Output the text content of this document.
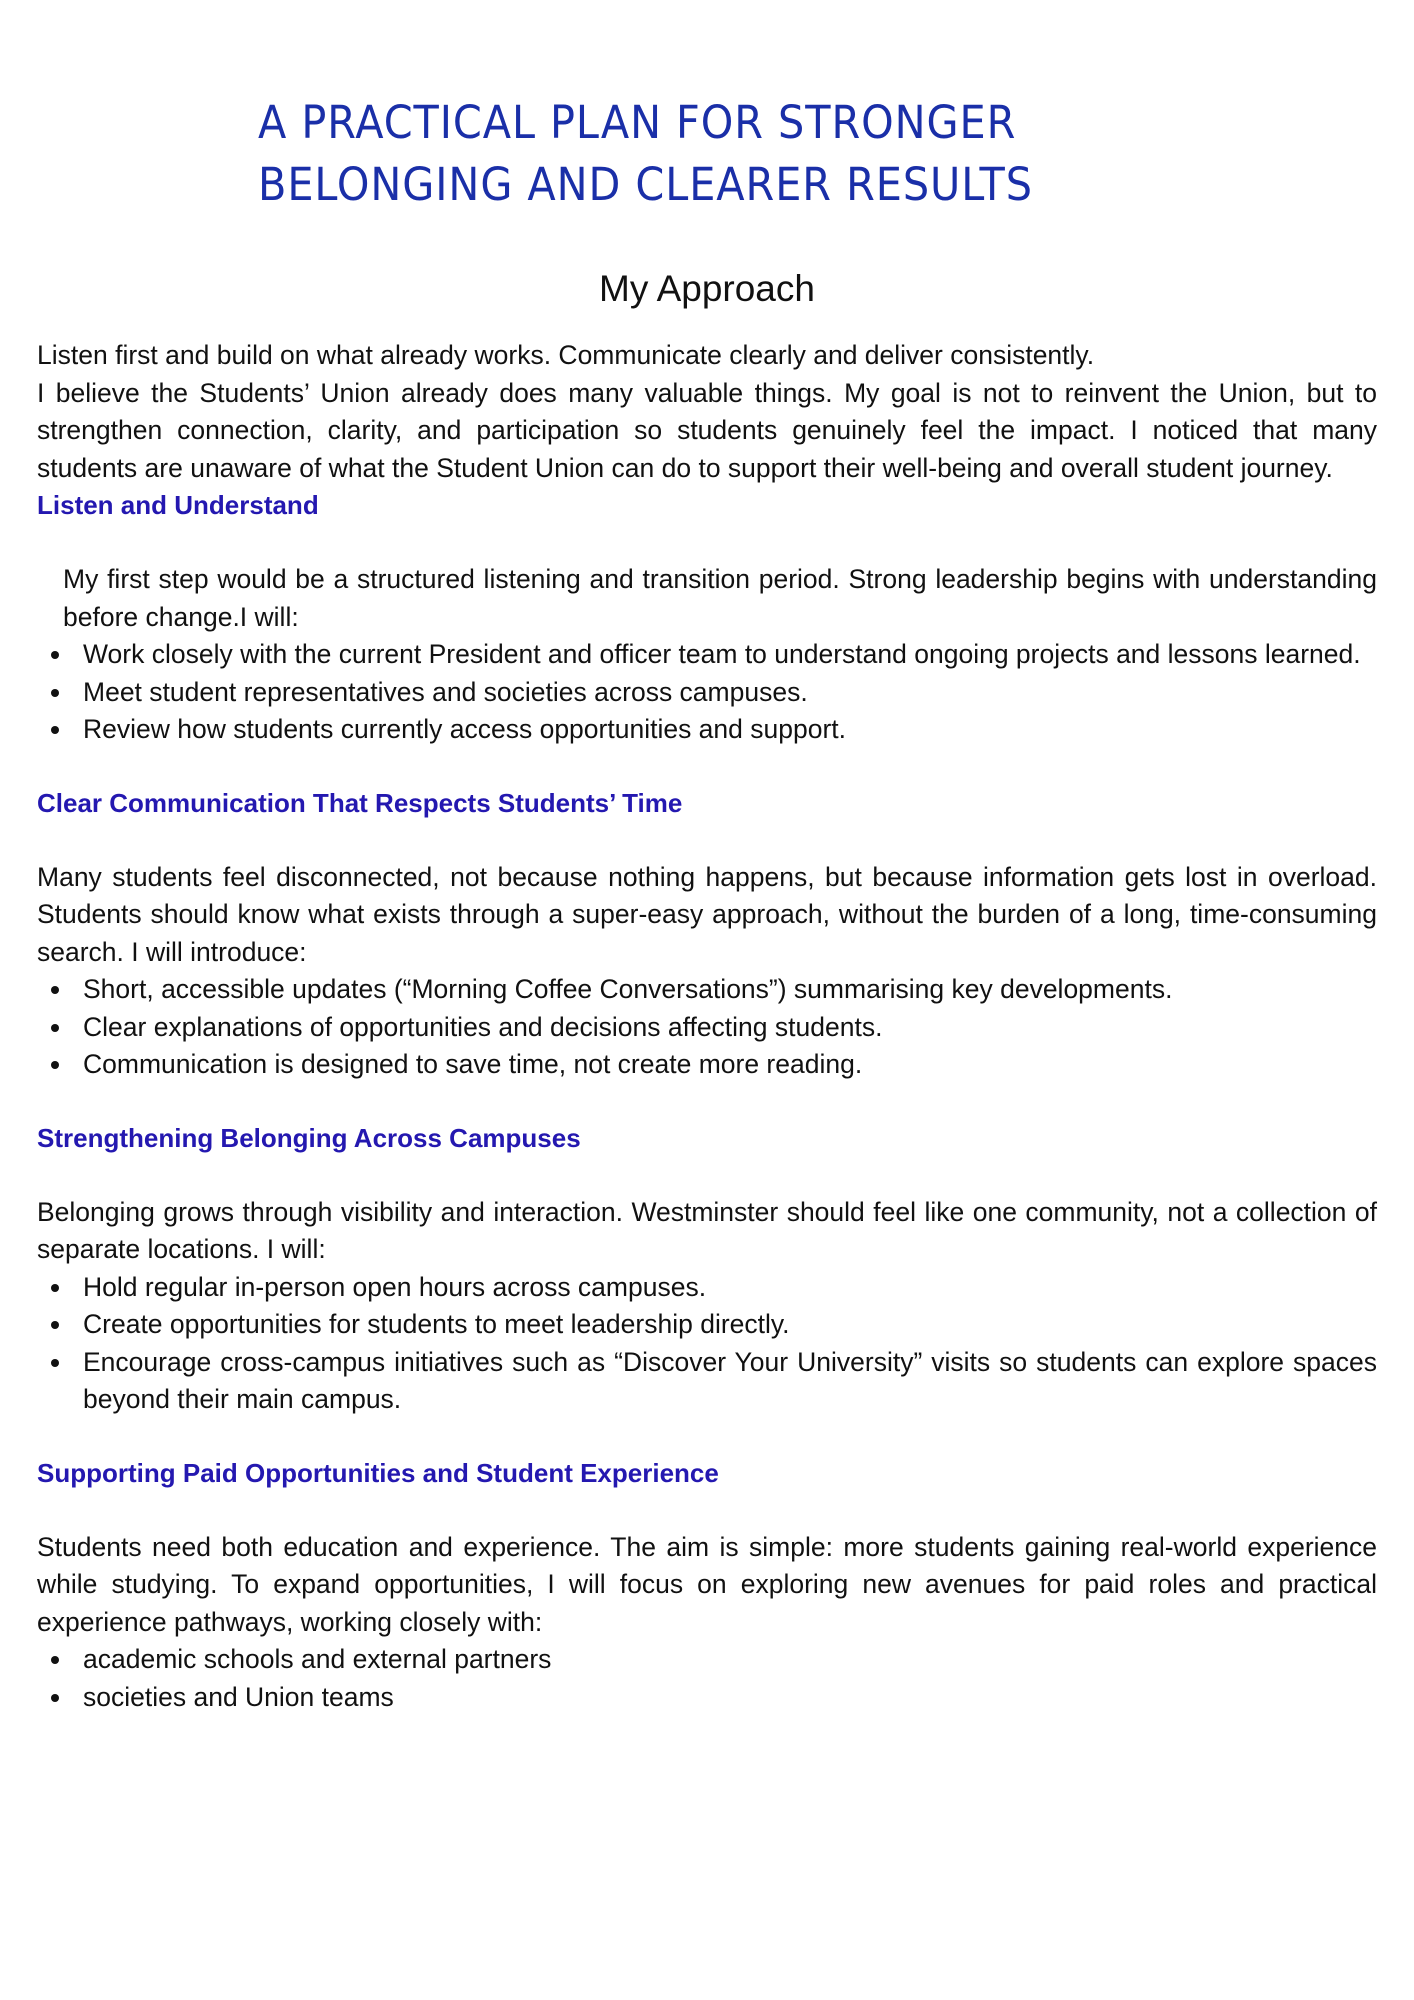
A PRACTICAL PLAN FOR STRONGER
BELONGING AND CLEARER RESULTS
My Approach

Listen first and build on what already works. Communicate clearly and deliver consistently.

I believe the Students’ Union already does many valuable things. My goal is not to reinvent the Union, but to strengthen connection, clarity, and participation so students genuinely feel the impact. I noticed that many students are unaware of what the Student Union can do to support their well-being and overall student journey.

Listen and Understand

My first step would be a structured listening and transition period. Strong leadership begins with understanding before change.I will:

Work closely with the current President and officer team to understand ongoing projects and lessons learned.
Meet student representatives and societies across campuses.
Review how students currently access opportunities and support.
Clear Communication That Respects Students’ Time

Many students feel disconnected, not because nothing happens, but because information gets lost in overload. Students should know what exists through a super-easy approach, without the burden of a long, time-consuming search. I will introduce:

Short, accessible updates (“Morning Coffee Conversations”) summarising key developments.
Clear explanations of opportunities and decisions affecting students.
Communication is designed to save time, not create more reading.
Strengthening Belonging Across Campuses

Belonging grows through visibility and interaction. Westminster should feel like one community, not a collection of separate locations. I will:

Hold regular in-person open hours across campuses.
Create opportunities for students to meet leadership directly.
Encourage cross-campus initiatives such as “Discover Your University” visits so students can explore spaces beyond their main campus.
Supporting Paid Opportunities and Student Experience

Students need both education and experience. The aim is simple: more students gaining real-world experience while studying. To expand opportunities, I will focus on exploring new avenues for paid roles and practical experience pathways, working closely with:

academic schools and external partners
societies and Union teams
